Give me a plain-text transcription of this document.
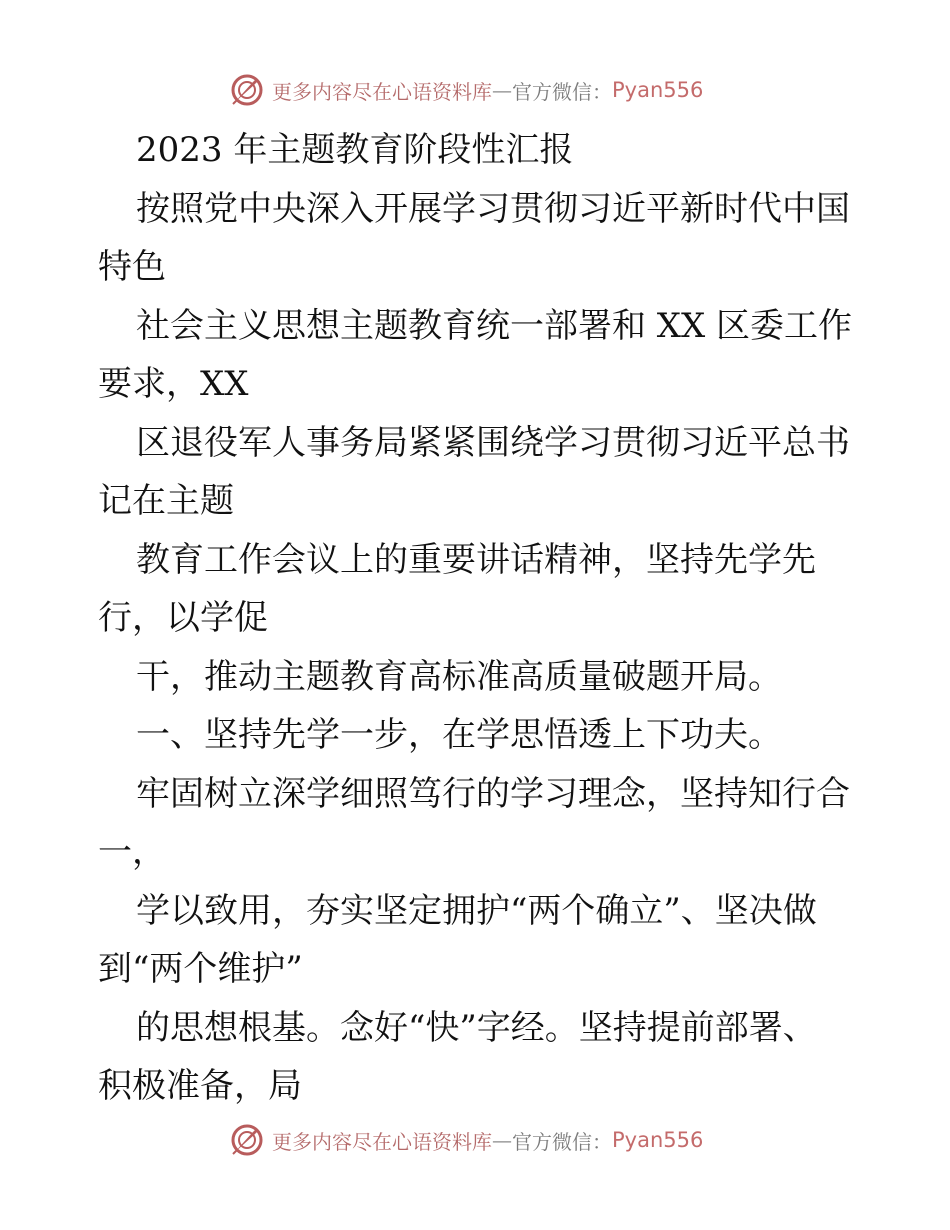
更多内容尽在心语资料库 — 官方微信： Pyan556
2023 年主题教育阶段性汇报
按照党中央深入开展学习贯彻习近平新时代中国
特色
社会主义思想主题教育统一部署和 XX 区委工作
要求，XX
区退役军人事务局紧紧围绕学习贯彻习近平总书
记在主题
教育工作会议上的重要讲话精神，坚持先学先
行，以学促
干，推动主题教育高标准高质量破题开局。
一、坚持先学一步，在学思悟透上下功夫。
牢固树立深学细照笃行的学习理念，坚持知行合
一，
学以致用，夯实坚定拥护“两个确立”、坚决做
到“两个维护”
的思想根基。念好“快”字经。坚持提前部署、
积极准备，局
更多内容尽在心语资料库 — 官方微信： Pyan556
